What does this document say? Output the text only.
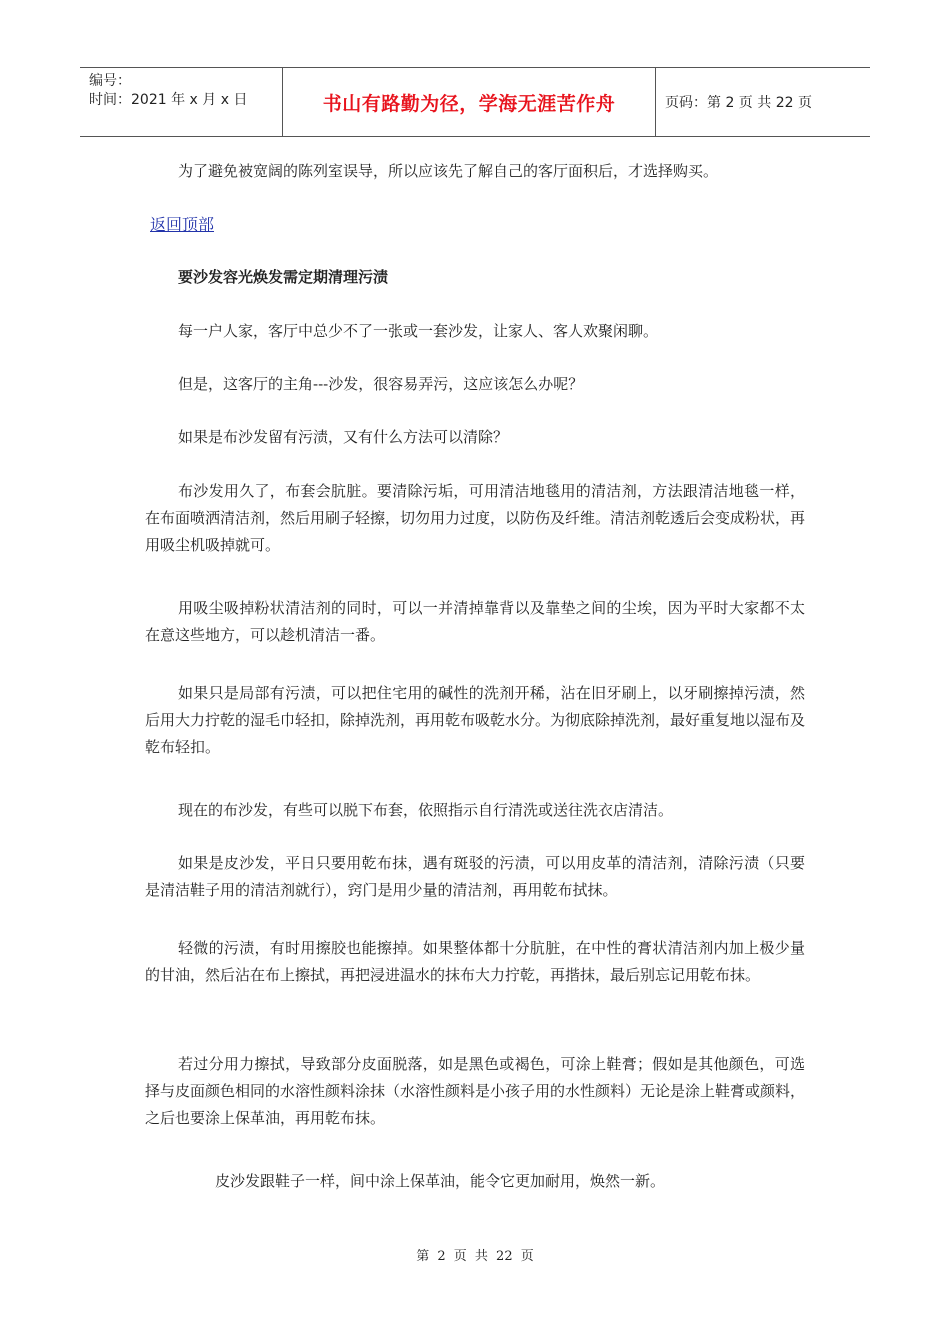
编号：
时间：2021 年 x 月 x 日	书山有路勤为径，学海无涯苦作舟	页码：第 2 页 共 22 页

为了避免被宽阔的陈列室误导，所以应该先了解自己的客厅面积后，才选择购买。

返回顶部

要沙发容光焕发需定期清理污渍

每一户人家，客厅中总少不了一张或一套沙发，让家人、客人欢聚闲聊。

但是，这客厅的主角---沙发，很容易弄污，这应该怎么办呢？

如果是布沙发留有污渍，又有什么方法可以清除？

布沙发用久了，布套会肮脏。要清除污垢，可用清洁地毯用的清洁剂，方法跟清洁地毯一样，在布面喷洒清洁剂，然后用刷子轻擦，切勿用力过度，以防伤及纤维。清洁剂乾透后会变成粉状，再用吸尘机吸掉就可。

用吸尘吸掉粉状清洁剂的同时，可以一并清掉靠背以及靠垫之间的尘埃，因为平时大家都不太在意这些地方，可以趁机清洁一番。

如果只是局部有污渍，可以把住宅用的碱性的洗剂开稀，沾在旧牙刷上，以牙刷擦掉污渍，然后用大力拧乾的湿毛巾轻扣，除掉洗剂，再用乾布吸乾水分。为彻底除掉洗剂，最好重复地以湿布及乾布轻扣。

现在的布沙发，有些可以脱下布套，依照指示自行清洗或送往洗衣店清洁。

如果是皮沙发，平日只要用乾布抹，遇有斑驳的污渍，可以用皮革的清洁剂，清除污渍（只要是清洁鞋子用的清洁剂就行），窍门是用少量的清洁剂，再用乾布拭抹。

轻微的污渍，有时用擦胶也能擦掉。如果整体都十分肮脏，在中性的膏状清洁剂内加上极少量的甘油，然后沾在布上擦拭，再把浸进温水的抹布大力拧乾，再揩抹，最后别忘记用乾布抹。

若过分用力擦拭，导致部分皮面脱落，如是黑色或褐色，可涂上鞋膏；假如是其他颜色，可选择与皮面颜色相同的水溶性颜料涂抹（水溶性颜料是小孩子用的水性颜料）无论是涂上鞋膏或颜料，之后也要涂上保革油，再用乾布抹。

皮沙发跟鞋子一样，间中涂上保革油，能令它更加耐用，焕然一新。

第 2 页 共 22 页
